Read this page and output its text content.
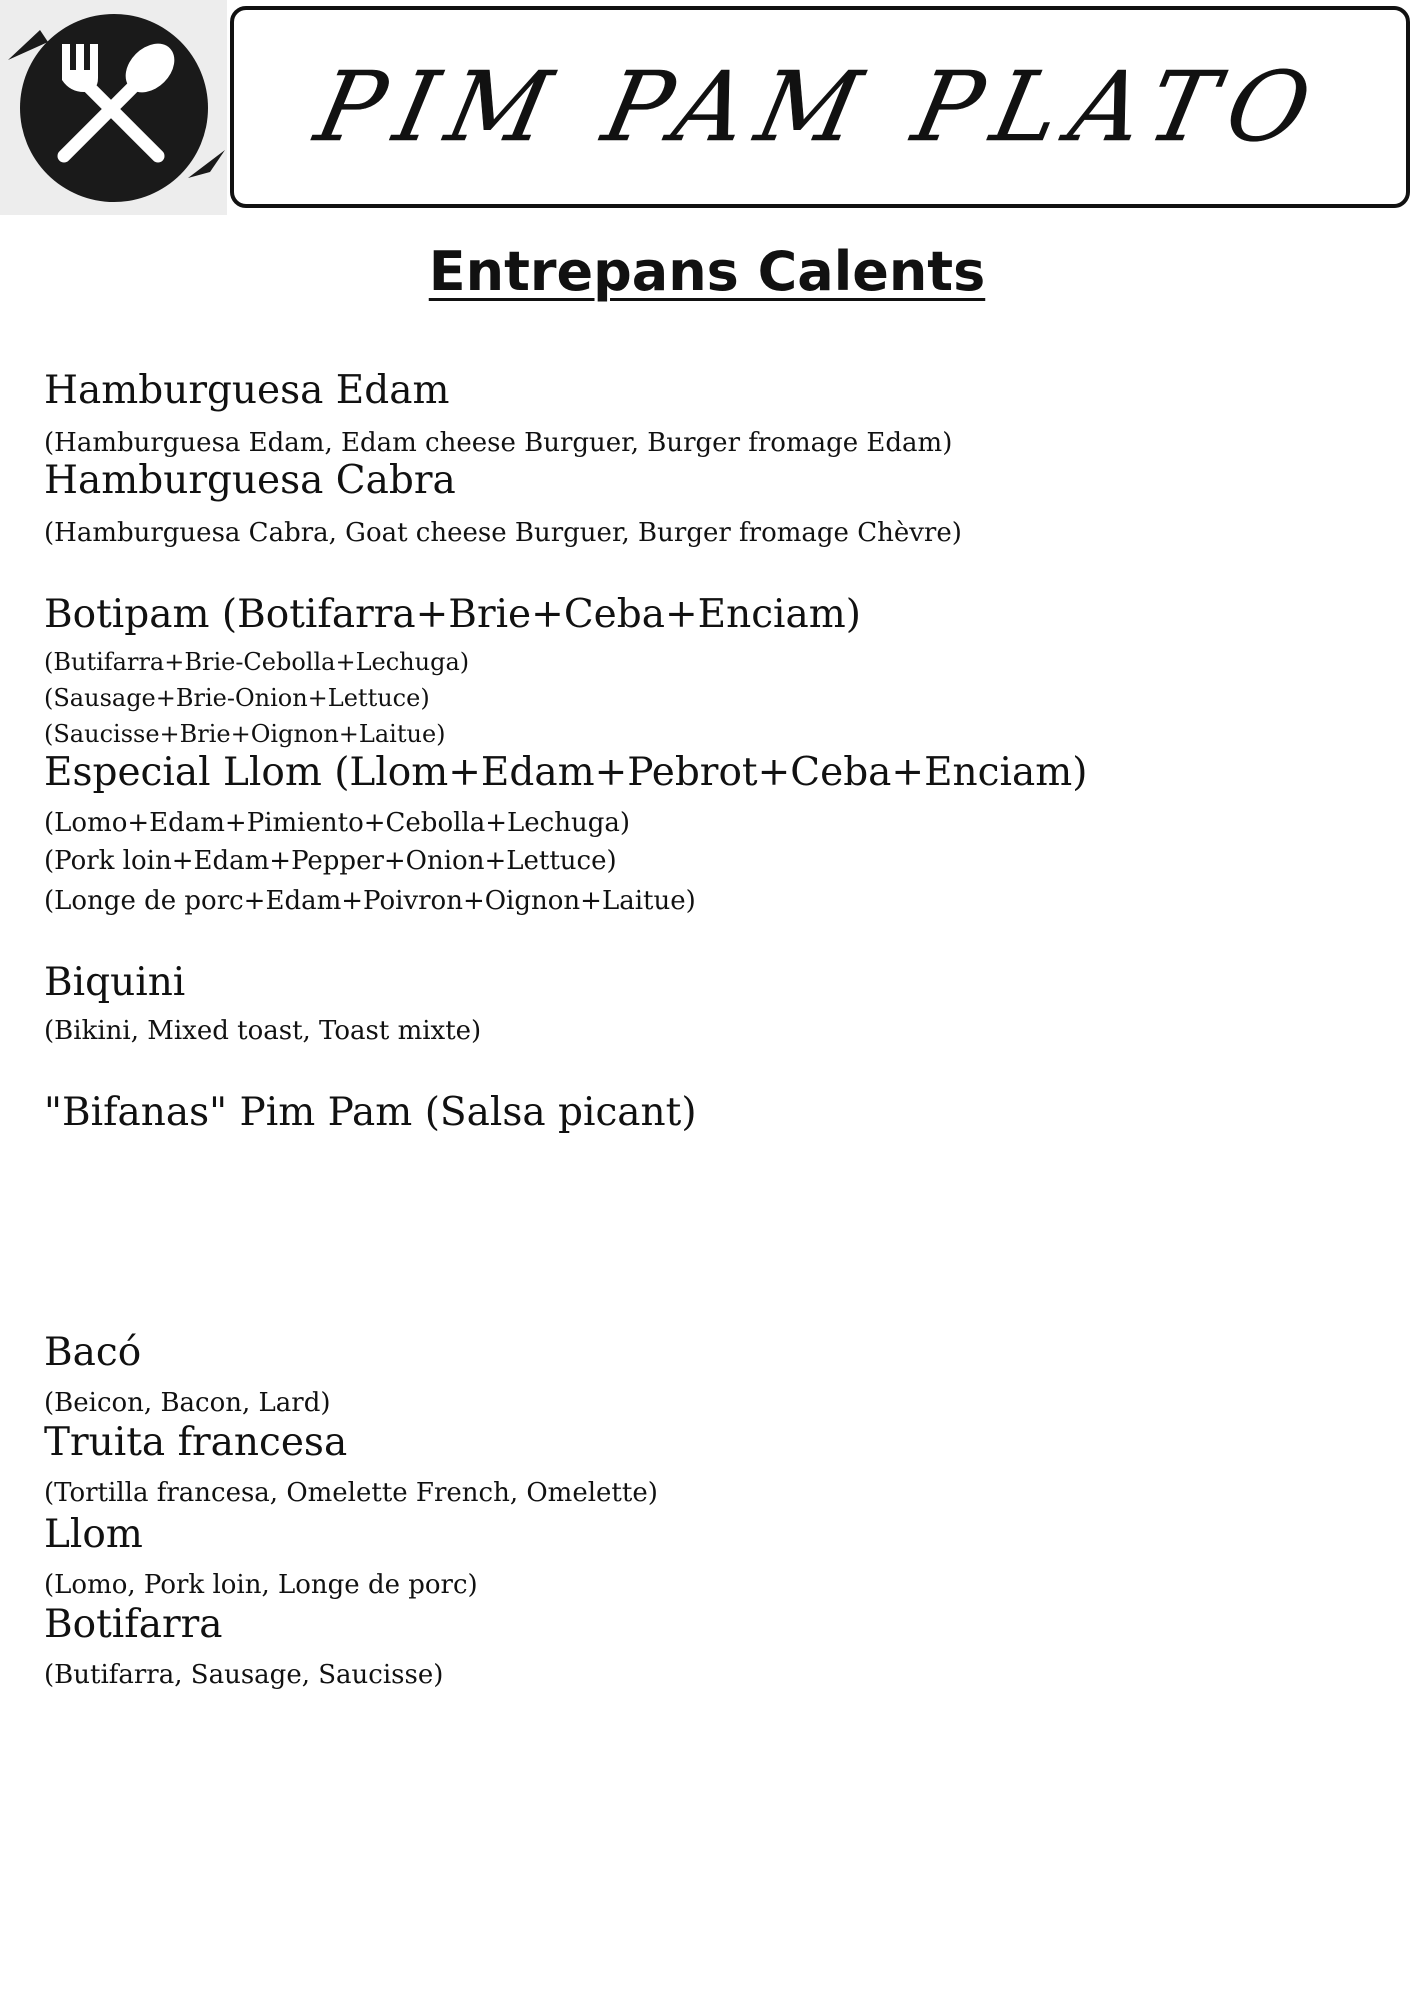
PIM PAM PLATO
Entrepans Calents
Hamburguesa Edam
(Hamburguesa Edam, Edam cheese Burguer, Burger fromage Edam)
Hamburguesa Cabra
(Hamburguesa Cabra, Goat cheese Burguer, Burger fromage Chèvre)
Botipam (Botifarra+Brie+Ceba+Enciam)
(Butifarra+Brie-Cebolla+Lechuga)
(Sausage+Brie-Onion+Lettuce)
(Saucisse+Brie+Oignon+Laitue)
Especial Llom (Llom+Edam+Pebrot+Ceba+Enciam)
(Lomo+Edam+Pimiento+Cebolla+Lechuga)
(Pork loin+Edam+Pepper+Onion+Lettuce)
(Longe de porc+Edam+Poivron+Oignon+Laitue)
Biquini
(Bikini, Mixed toast, Toast mixte)
"Bifanas" Pim Pam (Salsa picant)
Bacó
(Beicon, Bacon, Lard)
Truita francesa
(Tortilla francesa, Omelette French, Omelette)
Llom
(Lomo, Pork loin, Longe de porc)
Botifarra
(Butifarra, Sausage, Saucisse)
